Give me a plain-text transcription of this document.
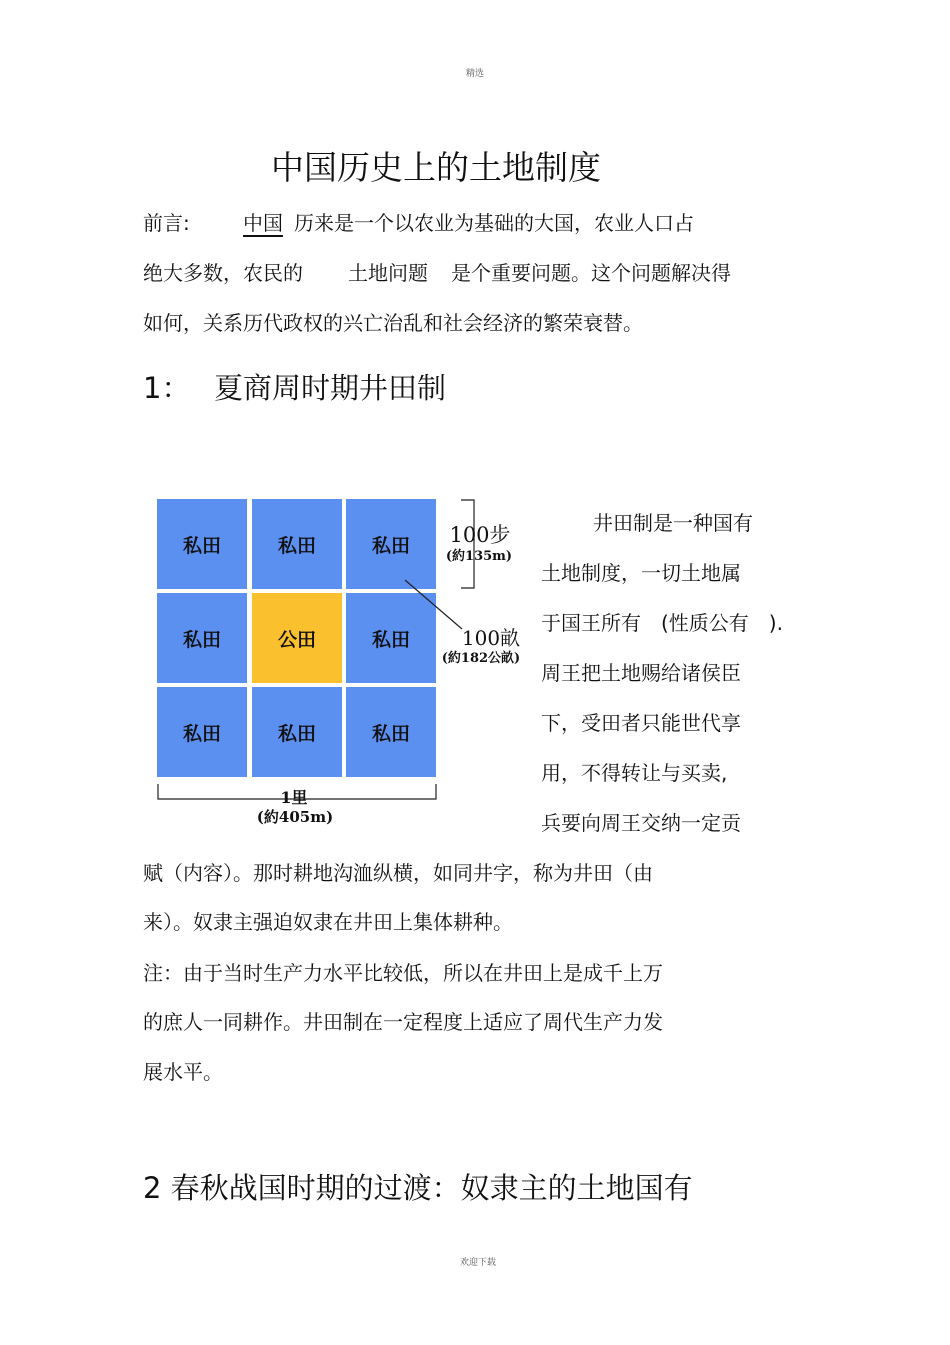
精选
中国历史上的土地制度
前言:	中国 历来是一个以农业为基础的大国，农业人口占
绝大多数，农民的 土地问题 是个重要问题。这个问题解决得
如何，关系历代政权的兴亡治乱和社会经济的繁荣衰替。
1： 夏商周时期井田制
私田	私田	私田
私田	公田	私田
私田	私田	私田
100步
(約135m)
100畝
(約182公畝)
1里
(約405m)
井田制是一种国有
土地制度，一切土地属
于国王所有　(性质公有　).
周王把土地赐给诸侯臣
下，受田者只能世代享
用，不得转让与买卖,
兵要向周王交纳一定贡
赋（内容）。那时耕地沟洫纵横，如同井字，称为井田（由
来）。奴隶主强迫奴隶在井田上集体耕种。
注：由于当时生产力水平比较低，所以在井田上是成千上万
的庶人一同耕作。井田制在一定程度上适应了周代生产力发
展水平。
2 春秋战国时期的过渡：奴隶主的土地国有
欢迎下载
